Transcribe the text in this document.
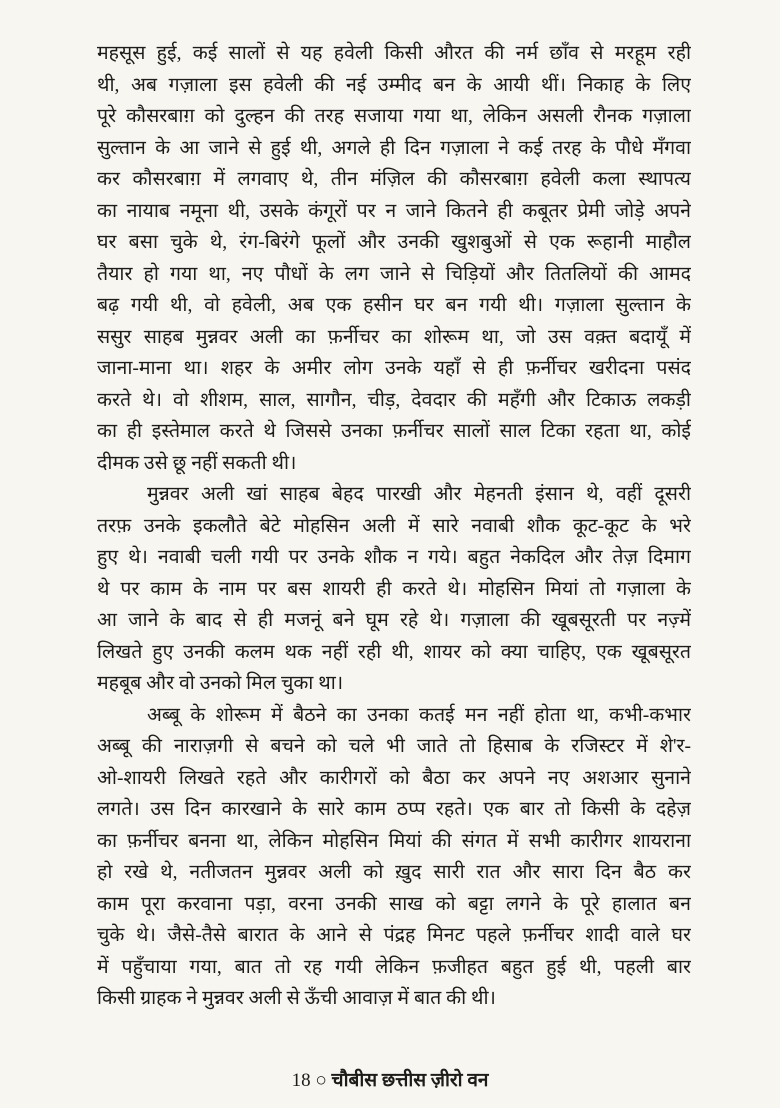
महसूस हुई, कई सालों से यह हवेली किसी औरत की नर्म छाँव से मरहूम रही
थी, अब गज़ाला इस हवेली की नई उम्मीद बन के आयी थीं। निकाह के लिए
पूरे कौसरबाग़ को दुल्हन की तरह सजाया गया था, लेकिन असली रौनक गज़ाला
सुल्तान के आ जाने से हुई थी, अगले ही दिन गज़ाला ने कई तरह के पौधे मँगवा
कर कौसरबाग़ में लगवाए थे, तीन मंज़िल की कौसरबाग़ हवेली कला स्थापत्य
का नायाब नमूना थी, उसके कंगूरों पर न जाने कितने ही कबूतर प्रेमी जोड़े अपने
घर बसा चुके थे, रंग-बिरंगे फूलों और उनकी खुशबुओं से एक रूहानी माहौल
तैयार हो गया था, नए पौधों के लग जाने से चिड़ियों और तितलियों की आमद
बढ़ गयी थी, वो हवेली, अब एक हसीन घर बन गयी थी। गज़ाला सुल्तान के
ससुर साहब मुन्नवर अली का फ़र्नीचर का शोरूम था, जो उस वक़्त बदायूँ में
जाना-माना था। शहर के अमीर लोग उनके यहाँ से ही फ़र्नीचर खरीदना पसंद
करते थे। वो शीशम, साल, सागौन, चीड़, देवदार की महँगी और टिकाऊ लकड़ी
का ही इस्तेमाल करते थे जिससे उनका फ़र्नीचर सालों साल टिका रहता था, कोई
दीमक उसे छू नहीं सकती थी।
मुन्नवर अली खां साहब बेहद पारखी और मेहनती इंसान थे, वहीं दूसरी
तरफ़ उनके इकलौते बेटे मोहसिन अली में सारे नवाबी शौक कूट-कूट के भरे
हुए थे। नवाबी चली गयी पर उनके शौक न गये। बहुत नेकदिल और तेज़ दिमाग
थे पर काम के नाम पर बस शायरी ही करते थे। मोहसिन मियां तो गज़ाला के
आ जाने के बाद से ही मजनूं बने घूम रहे थे। गज़ाला की खूबसूरती पर नज़्में
लिखते हुए उनकी कलम थक नहीं रही थी, शायर को क्या चाहिए, एक खूबसूरत
महबूब और वो उनको मिल चुका था।
अब्बू के शोरूम में बैठने का उनका कतई मन नहीं होता था, कभी-कभार
अब्बू की नाराज़गी से बचने को चले भी जाते तो हिसाब के रजिस्टर में शे'र-
ओ-शायरी लिखते रहते और कारीगरों को बैठा कर अपने नए अशआर सुनाने
लगते। उस दिन कारखाने के सारे काम ठप्प रहते। एक बार तो किसी के दहेज़
का फ़र्नीचर बनना था, लेकिन मोहसिन मियां की संगत में सभी कारीगर शायराना
हो रखे थे, नतीजतन मुन्नवर अली को ख़ुद सारी रात और सारा दिन बैठ कर
काम पूरा करवाना पड़ा, वरना उनकी साख को बट्टा लगने के पूरे हालात बन
चुके थे। जैसे-तैसे बारात के आने से पंद्रह मिनट पहले फ़र्नीचर शादी वाले घर
में पहुँचाया गया, बात तो रह गयी लेकिन फ़जीहत बहुत हुई थी, पहली बार
किसी ग्राहक ने मुन्नवर अली से ऊँची आवाज़ में बात की थी।
18 ○ चौबीस छत्तीस ज़ीरो वन
